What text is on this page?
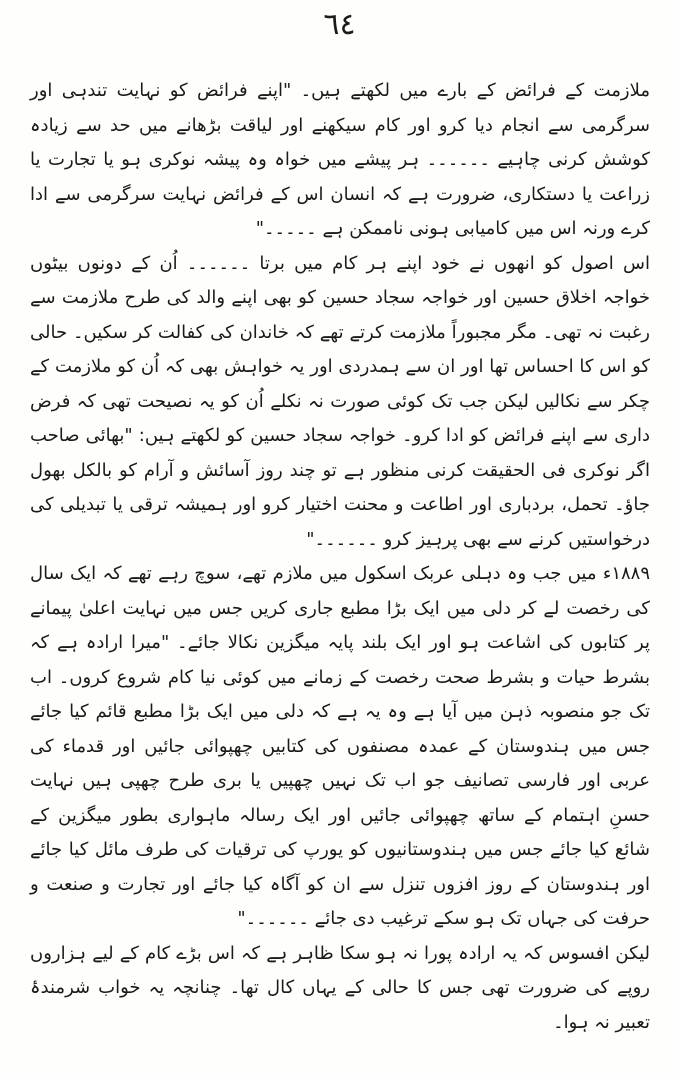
٦٤

ملازمت کے فرائض کے بارے میں لکھتے ہیں۔ "اپنے فرائض کو نہایت تندہی اور سرگرمی سے انجام دیا کرو اور کام سیکھنے اور لیاقت بڑھانے میں حد سے زیادہ کوشش کرنی چاہیے ۔۔۔۔۔۔ ہر پیشے میں خواہ وہ پیشہ نوکری ہو یا تجارت یا زراعت یا دستکاری، ضرورت ہے کہ انسان اس کے فرائض نہایت سرگرمی سے ادا کرے ورنہ اس میں کامیابی ہونی ناممکن ہے ۔۔۔۔۔"

اس اصول کو انھوں نے خود اپنے ہر کام میں برتا ۔۔۔۔۔۔ اُن کے دونوں بیٹوں خواجہ اخلاق حسین اور خواجہ سجاد حسین کو بھی اپنے والد کی طرح ملازمت سے رغبت نہ تھی۔ مگر مجبوراً ملازمت کرتے تھے کہ خاندان کی کفالت کر سکیں۔ حالی کو اس کا احساس تھا اور ان سے ہمدردی اور یہ خواہش بھی کہ اُن کو ملازمت کے چکر سے نکالیں لیکن جب تک کوئی صورت نہ نکلے اُن کو یہ نصیحت تھی کہ فرض داری سے اپنے فرائض کو ادا کرو۔ خواجہ سجاد حسین کو لکھتے ہیں: "بھائی صاحب اگر نوکری فی الحقیقت کرنی منظور ہے تو چند روز آسائش و آرام کو بالکل بھول جاؤ۔ تحمل، بردباری اور اطاعت و محنت اختیار کرو اور ہمیشہ ترقی یا تبدیلی کی درخواستیں کرنے سے بھی پرہیز کرو ۔۔۔۔۔۔"

۱۸۸۹ء میں جب وہ دہلی عربک اسکول میں ملازم تھے، سوچ رہے تھے کہ ایک سال کی رخصت لے کر دلی میں ایک بڑا مطبع جاری کریں جس میں نہایت اعلیٰ پیمانے پر کتابوں کی اشاعت ہو اور ایک بلند پایہ میگزین نکالا جائے۔ "میرا ارادہ ہے کہ بشرط حیات و بشرط صحت رخصت کے زمانے میں کوئی نیا کام شروع کروں۔ اب تک جو منصوبہ ذہن میں آیا ہے وہ یہ ہے کہ دلی میں ایک بڑا مطبع قائم کیا جائے جس میں ہندوستان کے عمدہ مصنفوں کی کتابیں چھپوائی جائیں اور قدماء کی عربی اور فارسی تصانیف جو اب تک نہیں چھپیں یا بری طرح چھپی ہیں نہایت حسنِ اہتمام کے ساتھ چھپوائی جائیں اور ایک رسالہ ماہواری بطور میگزین کے شائع کیا جائے جس میں ہندوستانیوں کو یورپ کی ترقیات کی طرف مائل کیا جائے اور ہندوستان کے روز افزوں تنزل سے ان کو آگاہ کیا جائے اور تجارت و صنعت و حرفت کی جہاں تک ہو سکے ترغیب دی جائے ۔۔۔۔۔۔"

لیکن افسوس کہ یہ ارادہ پورا نہ ہو سکا ظاہر ہے کہ اس بڑے کام کے لیے ہزاروں روپے کی ضرورت تھی جس کا حالی کے یہاں کال تھا۔ چنانچہ یہ خواب شرمندۂ تعبیر نہ ہوا۔
